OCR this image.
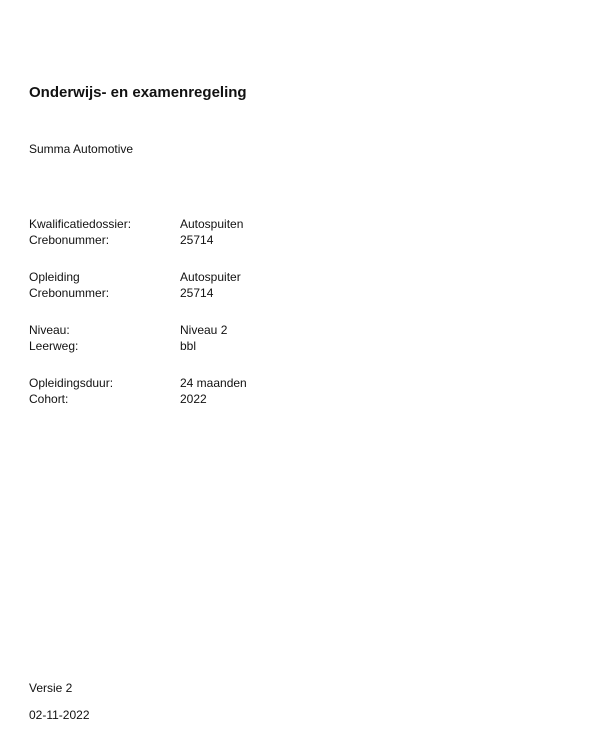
Onderwijs- en examenregeling
Summa Automotive
Kwalificatiedossier:	Autospuiten
Crebonummer:	25714
Opleiding	Autospuiter
Crebonummer:	25714
Niveau:	Niveau 2
Leerweg:	bbl
Opleidingsduur:	24 maanden
Cohort:	2022
Versie 2
02-11-2022
